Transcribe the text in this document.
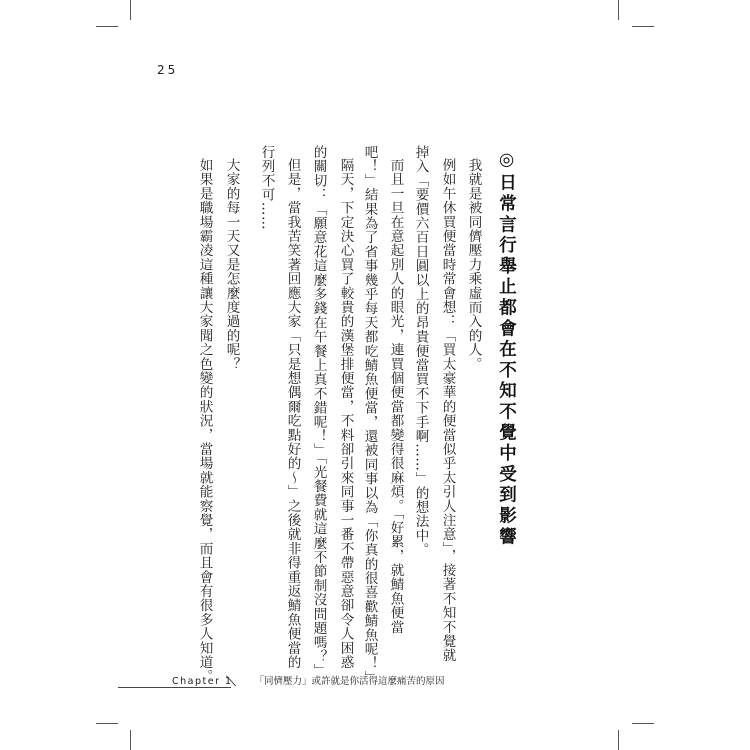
25
◎日常言行舉止都會在不知不覺中受到影響
我就是被同儕壓力乘虛而入的人。
例如午休買便當時常會想：「買太豪華的便當似乎太引人注意」，接著不知不覺就
掉入「要價六百日圓以上的昂貴便當買不下手啊……」的想法中。
而且一旦在意起別人的眼光，連買個便當都變得很麻煩。「好累，就鯖魚便當
吧！」結果為了省事幾乎每天都吃鯖魚便當，還被同事以為「你真的很喜歡鯖魚呢！」
隔天，下定決心買了較貴的漢堡排便當，不料卻引來同事一番不帶惡意卻令人困惑
的關切：「願意花這麼多錢在午餐上真不錯呢！」「光餐費就這麼不節制沒問題嗎？」
但是，當我苦笑著回應大家「只是想偶爾吃點好的～」之後就非得重返鯖魚便當的
行列不可……
大家的每一天又是怎麼度過的呢？
如果是職場霸凌這種讓大家聞之色變的狀況，當場就能察覺，而且會有很多人知道。
Chapter 1 「同儕壓力」或許就是你活得這麼痛苦的原因
